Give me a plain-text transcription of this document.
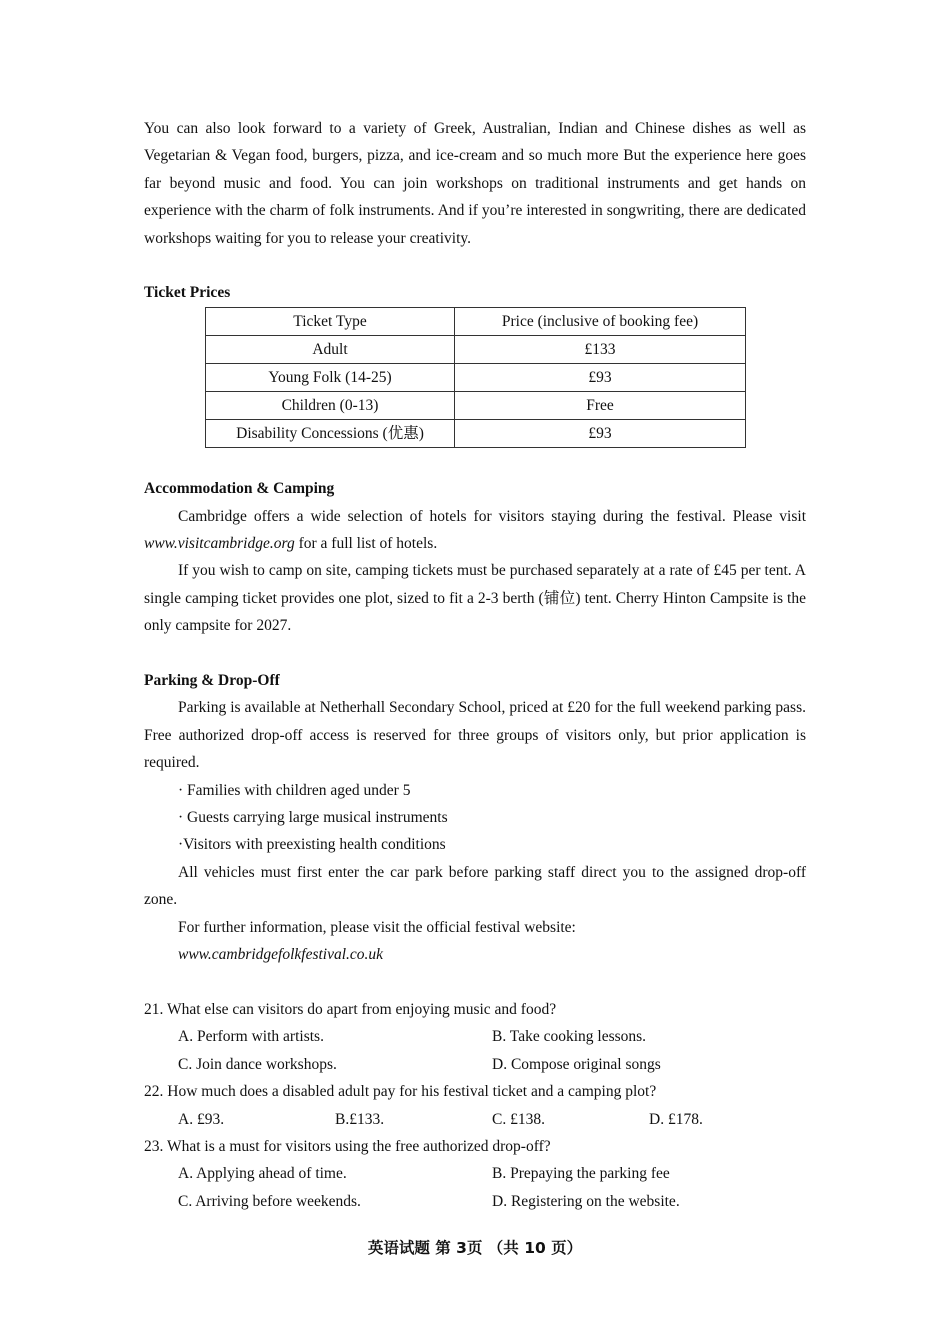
You can also look forward to a variety of Greek, Australian, Indian and Chinese dishes as well as Vegetarian & Vegan food, burgers, pizza, and ice-cream and so much more But the experience here goes far beyond music and food. You can join workshops on traditional instruments and get hands on experience with the charm of folk instruments. And if you’re interested in songwriting, there are dedicated workshops waiting for you to release your creativity.

Ticket Prices

Ticket Type	Price (inclusive of booking fee)
Adult	£133
Young Folk (14-25)	£93
Children (0-13)	Free
Disability Concessions (优惠)	£93

Accommodation & Camping

Cambridge offers a wide selection of hotels for visitors staying during the festival. Please visit www.visitcambridge.org for a full list of hotels.

If you wish to camp on site, camping tickets must be purchased separately at a rate of £45 per tent. A single camping ticket provides one plot, sized to fit a 2-3 berth (铺位) tent. Cherry Hinton Campsite is the only campsite for 2027.

Parking & Drop-Off

Parking is available at Netherhall Secondary School, priced at £20 for the full weekend parking pass. Free authorized drop-off access is reserved for three groups of visitors only, but prior application is required.

· Families with children aged under 5
· Guests carrying large musical instruments
·Visitors with preexisting health conditions

All vehicles must first enter the car park before parking staff direct you to the assigned drop-off zone.

For further information, please visit the official festival website:

www.cambridgefolkfestival.co.uk

21. What else can visitors do apart from enjoying music and food?

A. Perform with artists.	B. Take cooking lessons.
C. Join dance workshops.	D. Compose original songs

22. How much does a disabled adult pay for his festival ticket and a camping plot?

A. £93.	B.£133.	C. £138.	D. £178.

23. What is a must for visitors using the free authorized drop-off?

A. Applying ahead of time.	B. Prepaying the parking fee
C. Arriving before weekends.	D. Registering on the website.
英语试题 第 3页 （共 10 页）
